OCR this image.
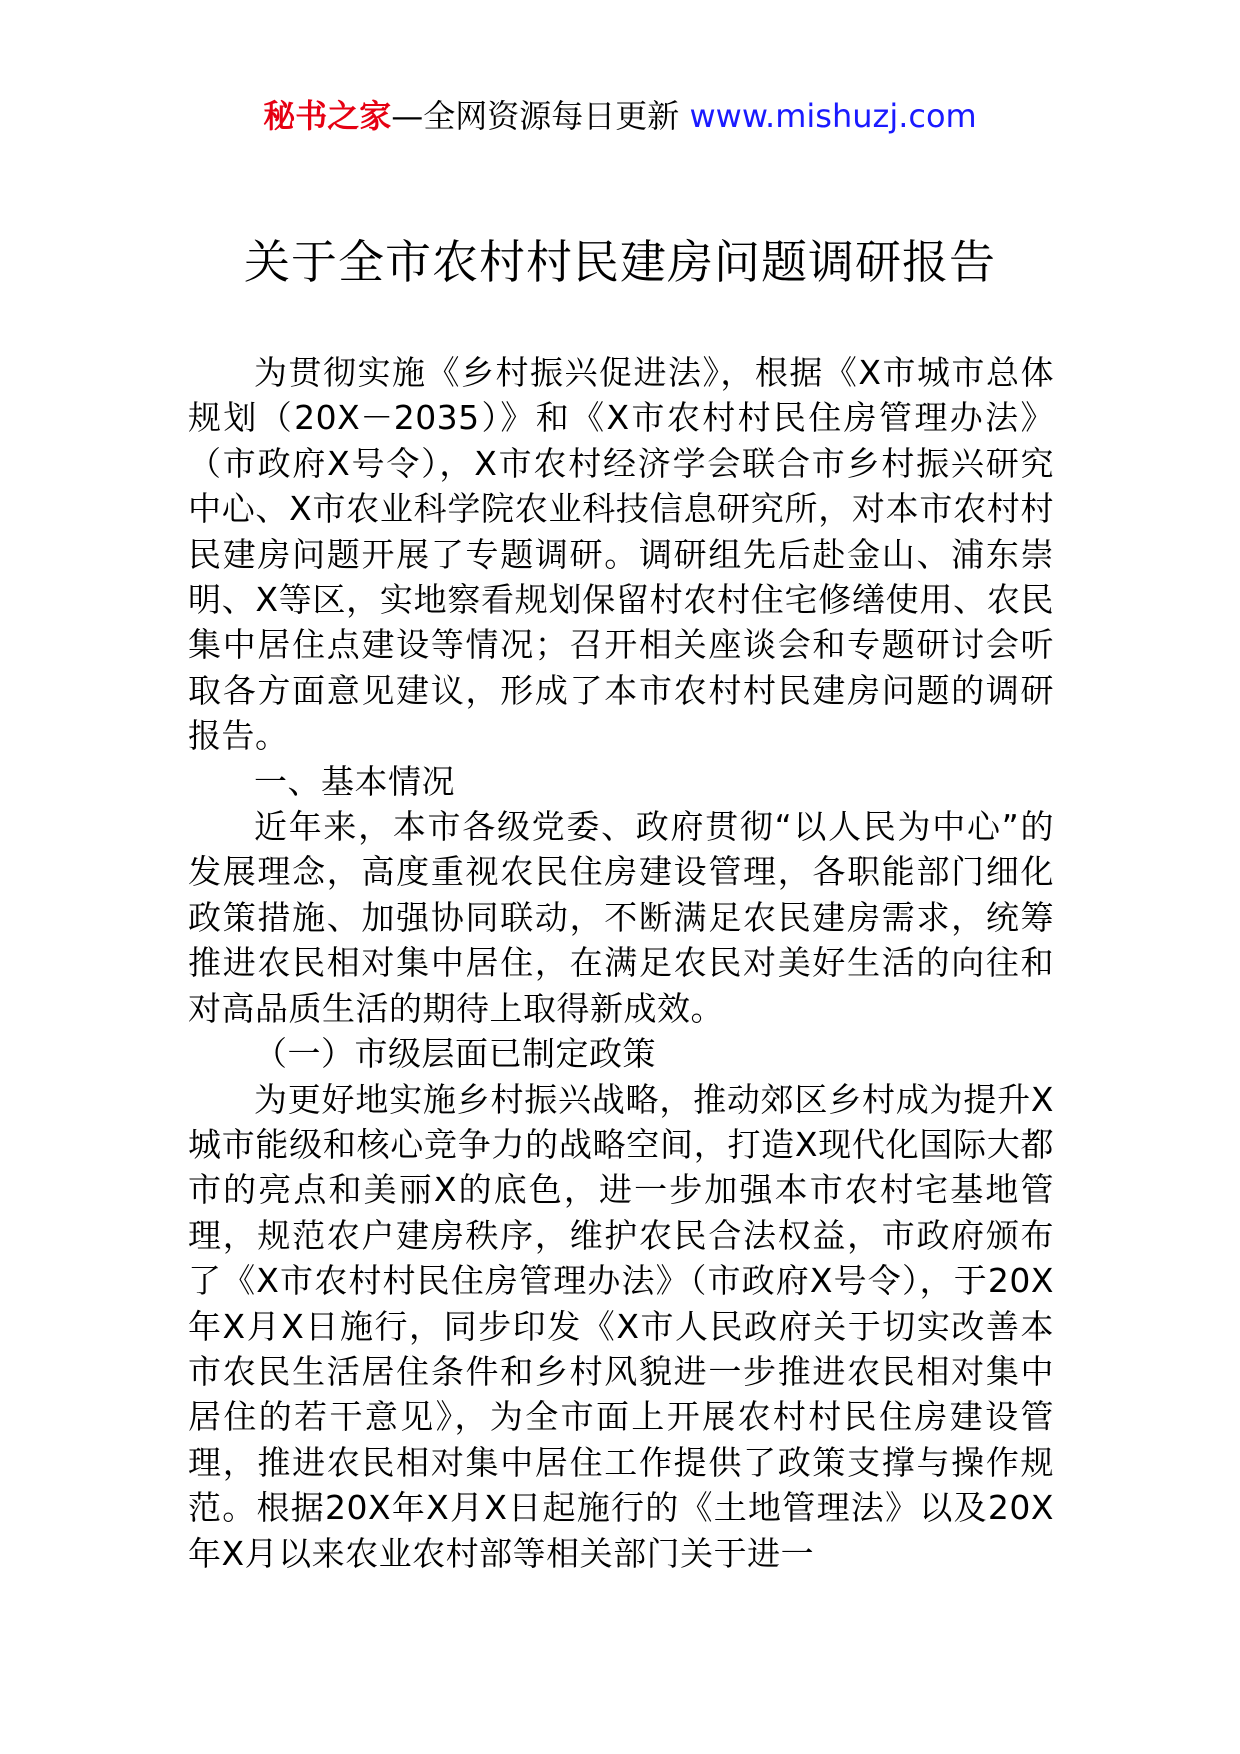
秘书之家—全网资源每日更新 www.mishuzj.com
关于全市农村村民建房问题调研报告

为贯彻实施《乡村振兴促进法》，根据《X市城市总体规划（20X－2035）》和《X市农村村民住房管理办法》（市政府X号令），X市农村经济学会联合市乡村振兴研究中心、X市农业科学院农业科技信息研究所，对本市农村村民建房问题开展了专题调研。调研组先后赴金山、浦东崇明、X等区，实地察看规划保留村农村住宅修缮使用、农民集中居住点建设等情况；召开相关座谈会和专题研讨会听取各方面意见建议，形成了本市农村村民建房问题的调研报告。

一、基本情况

近年来，本市各级党委、政府贯彻“以人民为中心”的发展理念，高度重视农民住房建设管理，各职能部门细化政策措施、加强协同联动，不断满足农民建房需求，统筹推进农民相对集中居住，在满足农民对美好生活的向往和对高品质生活的期待上取得新成效。

（一）市级层面已制定政策

为更好地实施乡村振兴战略，推动郊区乡村成为提升X城市能级和核心竞争力的战略空间，打造X现代化国际大都市的亮点和美丽X的底色，进一步加强本市农村宅基地管理，规范农户建房秩序，维护农民合法权益，市政府颁布了《X市农村村民住房管理办法》（市政府X号令），于20X年X月X日施行，同步印发《X市人民政府关于切实改善本市农民生活居住条件和乡村风貌进一步推进农民相对集中居住的若干意见》，为全市面上开展农村村民住房建设管理，推进农民相对集中居住工作提供了政策支撑与操作规范。根据20X年X月X日起施行的《土地管理法》以及20X年X月以来农业农村部等相关部门关于进一
